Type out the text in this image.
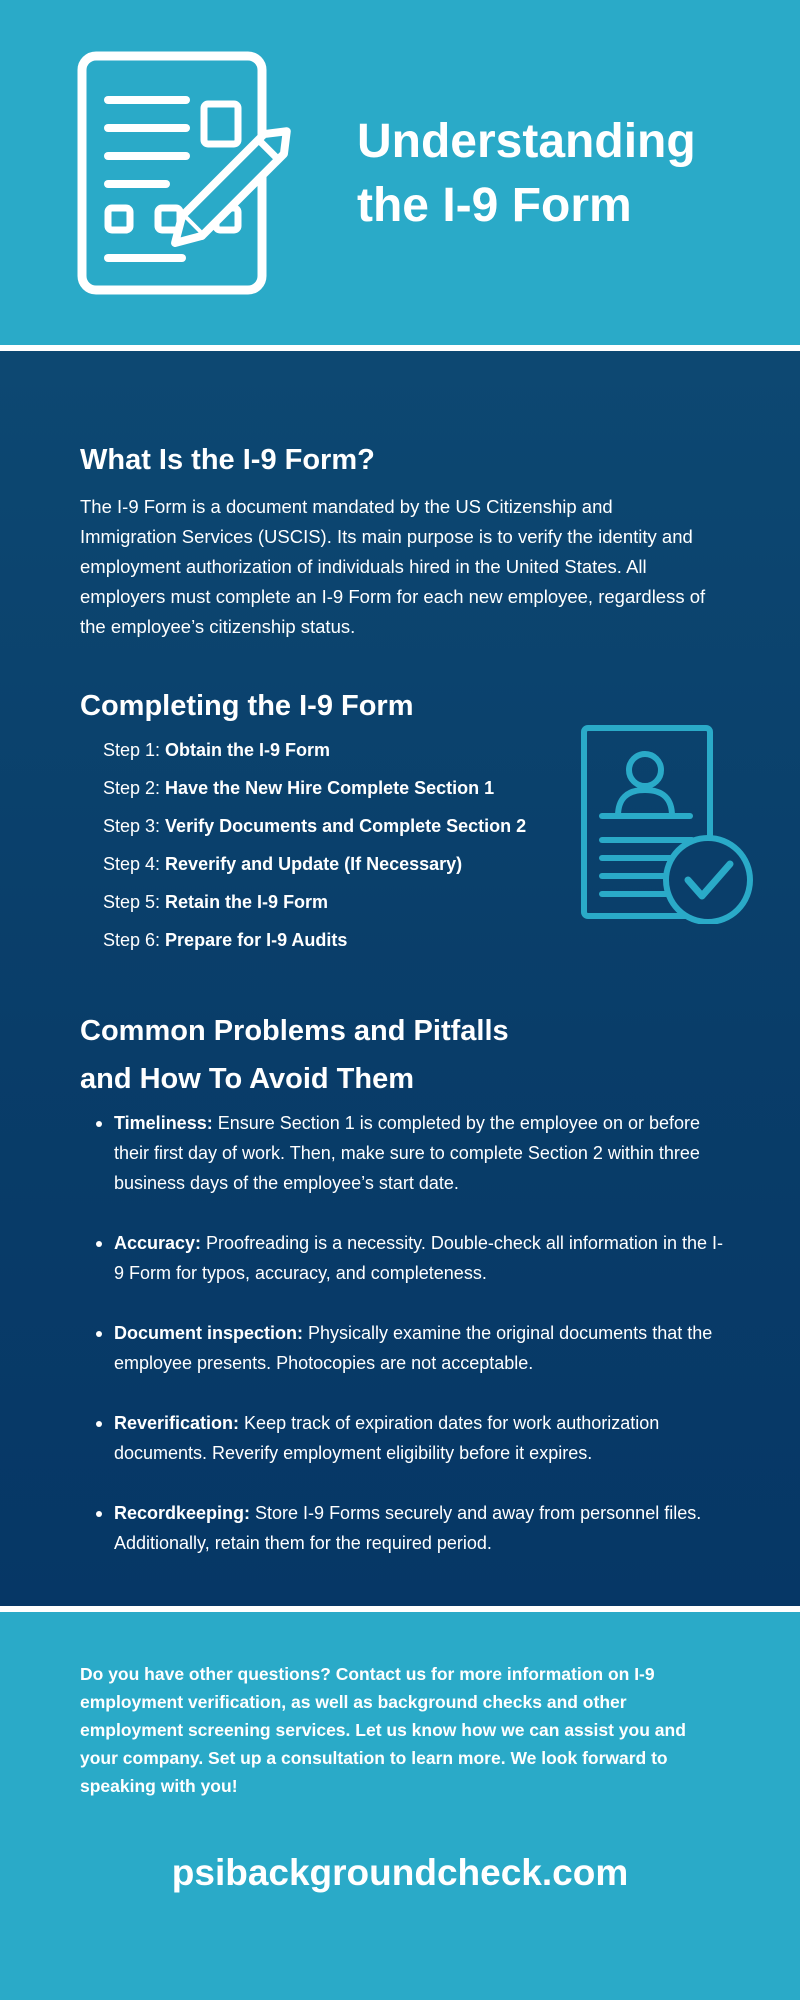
Understanding
the I-9 Form
What Is the I-9 Form?

The I-9 Form is a document mandated by the US Citizenship and Immigration Services (USCIS). Its main purpose is to verify the identity and employment authorization of individuals hired in the United States. All employers must complete an I-9 Form for each new employee, regardless of the employee’s citizenship status.

Completing the I-9 Form
Step 1: Obtain the I-9 Form
Step 2: Have the New Hire Complete Section 1
Step 3: Verify Documents and Complete Section 2
Step 4: Reverify and Update (If Necessary)
Step 5: Retain the I-9 Form
Step 6: Prepare for I-9 Audits
Common Problems and Pitfalls
and How To Avoid Them
Timeliness: Ensure Section 1 is completed by the employee on or before their first day of work. Then, make sure to complete Section 2 within three business days of the employee’s start date.
Accuracy: Proofreading is a necessity. Double-check all information in the I-9 Form for typos, accuracy, and completeness.
Document inspection: Physically examine the original documents that the employee presents. Photocopies are not acceptable.
Reverification: Keep track of expiration dates for work authorization documents. Reverify employment eligibility before it expires.
Recordkeeping: Store I-9 Forms securely and away from personnel files. Additionally, retain them for the required period.

Do you have other questions? Contact us for more information on I-9 employment verification, as well as background checks and other employment screening services. Let us know how we can assist you and your company. Set up a consultation to learn more. We look forward to speaking with you!

psibackgroundcheck.com
